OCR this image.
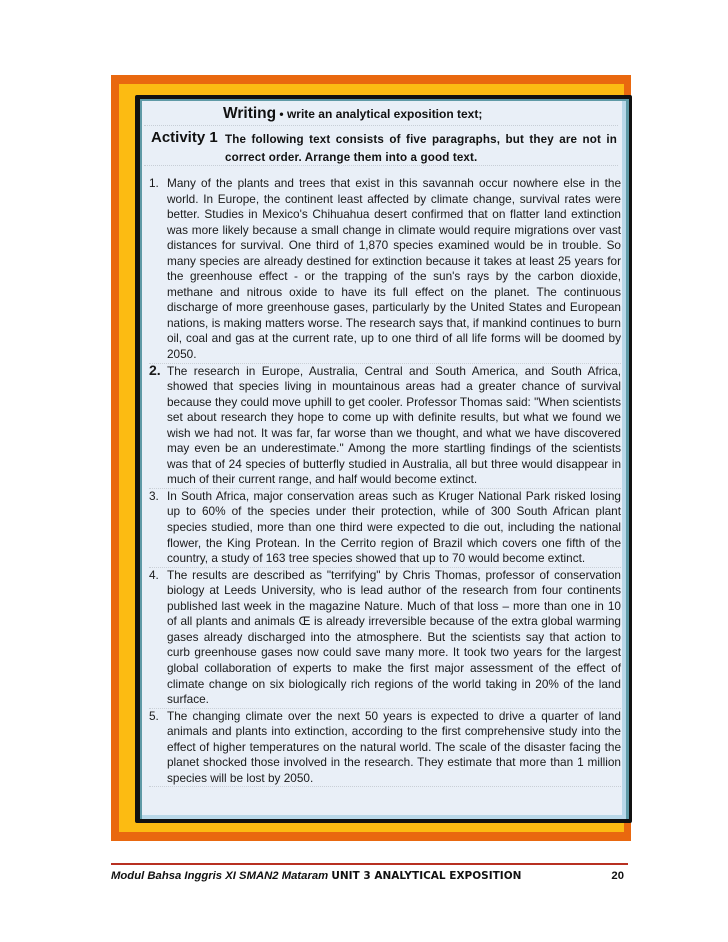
Writing • write an analytical exposition text;
Activity 1 The following text consists of five paragraphs, but they are not in correct order. Arrange them into a good text.
1. Many of the plants and trees that exist in this savannah occur nowhere else in the world. In Europe, the continent least affected by climate change, survival rates were better. Studies in Mexico's Chihuahua desert confirmed that on flatter land extinction was more likely because a small change in climate would require migrations over vast distances for survival. One third of 1,870 species examined would be in trouble. So many species are already destined for extinction because it takes at least 25 years for the greenhouse effect - or the trapping of the sun's rays by the carbon dioxide, methane and nitrous oxide to have its full effect on the planet. The continuous discharge of more greenhouse gases, particularly by the United States and European nations, is making matters worse. The research says that, if mankind continues to burn oil, coal and gas at the current rate, up to one third of all life forms will be doomed by 2050.
2. The research in Europe, Australia, Central and South America, and South Africa, showed that species living in mountainous areas had a greater chance of survival because they could move uphill to get cooler. Professor Thomas said: "When scientists set about research they hope to come up with definite results, but what we found we wish we had not. It was far, far worse than we thought, and what we have discovered may even be an underestimate." Among the more startling findings of the scientists was that of 24 species of butterfly studied in Australia, all but three would disappear in much of their current range, and half would become extinct.
3. In South Africa, major conservation areas such as Kruger National Park risked losing up to 60% of the species under their protection, while of 300 South African plant species studied, more than one third were expected to die out, including the national flower, the King Protean. In the Cerrito region of Brazil which covers one fifth of the country, a study of 163 tree species showed that up to 70 would become extinct.
4. The results are described as "terrifying" by Chris Thomas, professor of conservation biology at Leeds University, who is lead author of the research from four continents published last week in the magazine Nature. Much of that loss – more than one in 10 of all plants and animals Œ is already irreversible because of the extra global warming gases already discharged into the atmosphere. But the scientists say that action to curb greenhouse gases now could save many more. It took two years for the largest global collaboration of experts to make the first major assessment of the effect of climate change on six biologically rich regions of the world taking in 20% of the land surface.
5. The changing climate over the next 50 years is expected to drive a quarter of land animals and plants into extinction, according to the first comprehensive study into the effect of higher temperatures on the natural world. The scale of the disaster facing the planet shocked those involved in the research. They estimate that more than 1 million species will be lost by 2050.
Modul Bahsa Inggris XI SMAN2 Mataram UNIT 3 ANALYTICAL EXPOSITION	20
